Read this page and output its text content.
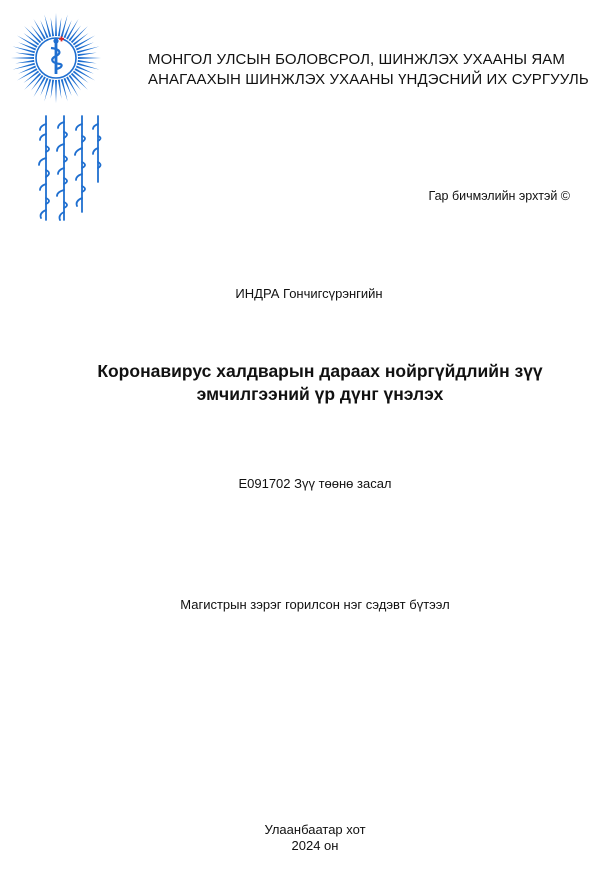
МОНГОЛ УЛСЫН БОЛОВСРОЛ, ШИНЖЛЭХ УХААНЫ ЯАМ
АНАГААХЫН ШИНЖЛЭХ УХААНЫ ҮНДЭСНИЙ ИХ СУРГУУЛЬ
Гар бичмэлийн эрхтэй ©
ИНДРА Гончигсүрэнгийн
Коронавирус халдварын дараах нойргүйдлийн зүү
эмчилгээний үр дүнг үнэлэх
E091702 Зүү төөнө засал
Магистрын зэрэг горилсон нэг сэдэвт бүтээл
Улаанбаатар хот
2024 он
